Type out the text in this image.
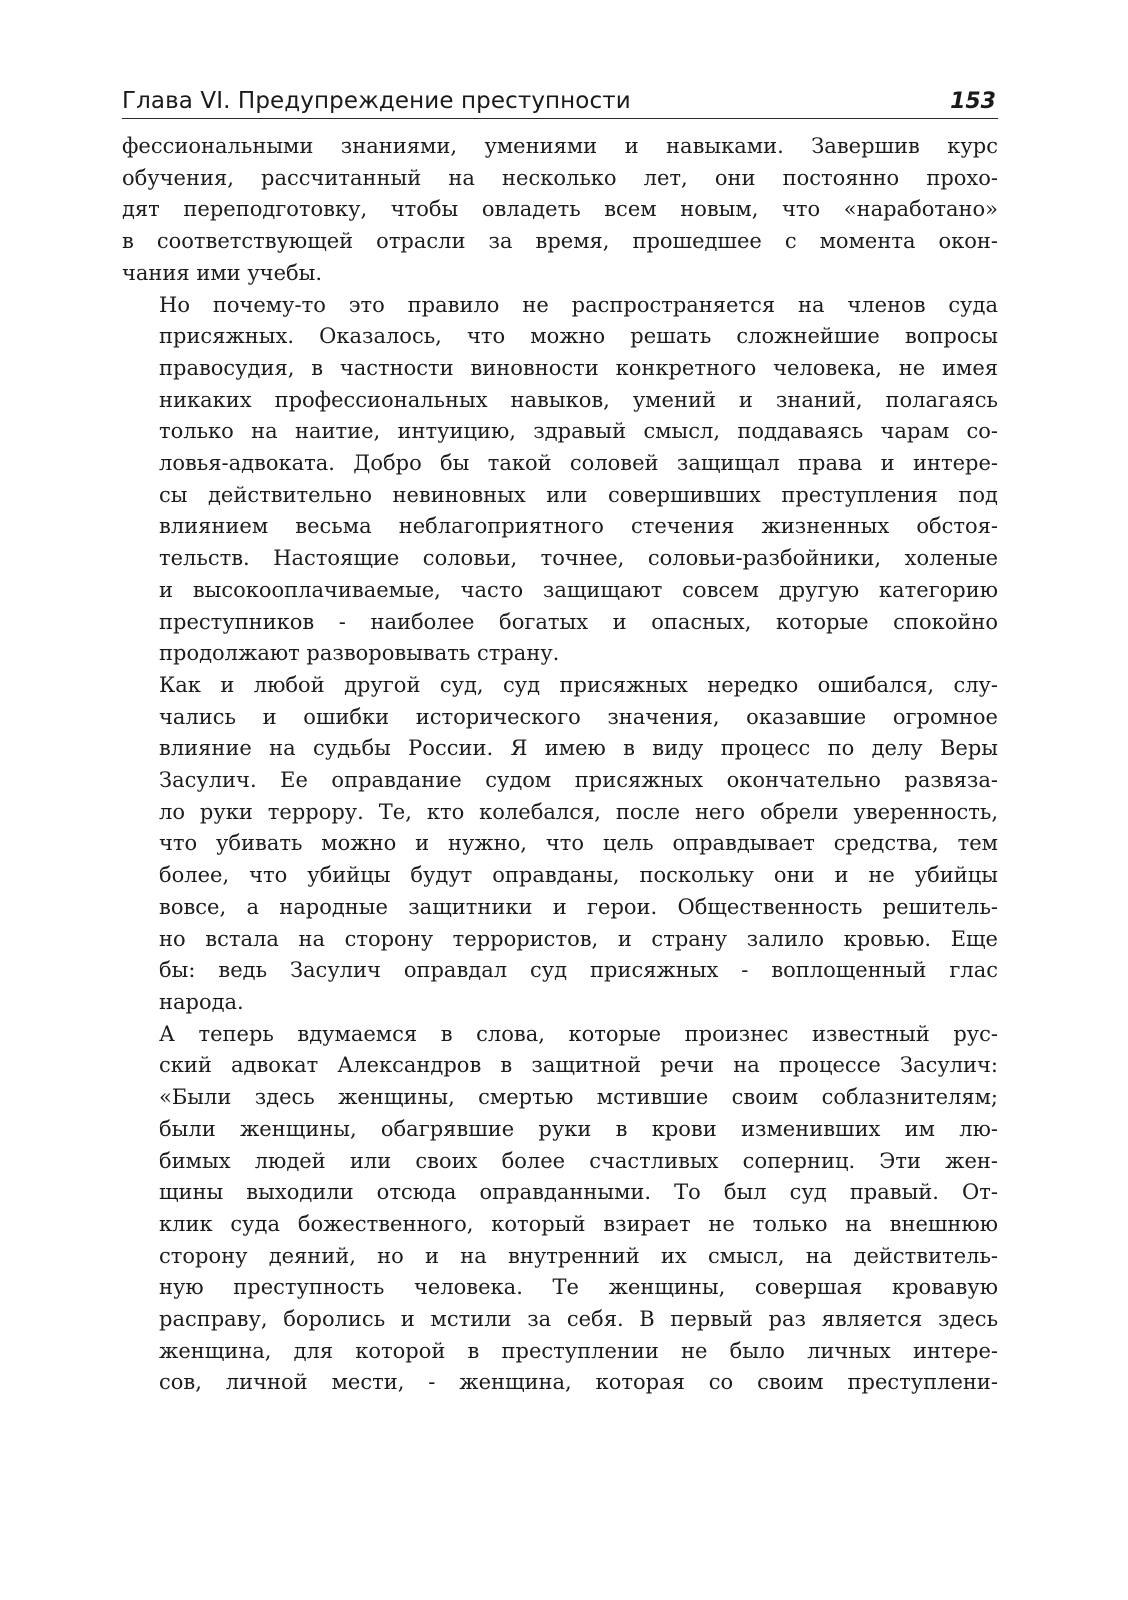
Глава VI. Предупреждение преступности	153

фессиональными знаниями, умениями и навыками. Завершив курс
обучения, рассчитанный на несколько лет, они постоянно прохо-
дят переподготовку, чтобы овладеть всем новым, что «наработано»
в соответствующей отрасли за время, прошедшее с момента окон-
чания ими учебы.

Но почему-то это правило не распространяется на членов суда
присяжных. Оказалось, что можно решать сложнейшие вопросы
правосудия, в частности виновности конкретного человека, не имея
никаких профессиональных навыков, умений и знаний, полагаясь
только на наитие, интуицию, здравый смысл, поддаваясь чарам со-
ловья-адвоката. Добро бы такой соловей защищал права и интере-
сы действительно невиновных или совершивших преступления под
влиянием весьма неблагоприятного стечения жизненных обстоя-
тельств. Настоящие соловьи, точнее, соловьи-разбойники, холеные
и высокооплачиваемые, часто защищают совсем другую категорию
преступников - наиболее богатых и опасных, которые спокойно
продолжают разворовывать страну.

Как и любой другой суд, суд присяжных нередко ошибался, слу-
чались и ошибки исторического значения, оказавшие огромное
влияние на судьбы России. Я имею в виду процесс по делу Веры
Засулич. Ее оправдание судом присяжных окончательно развяза-
ло руки террору. Те, кто колебался, после него обрели уверенность,
что убивать можно и нужно, что цель оправдывает средства, тем
более, что убийцы будут оправданы, поскольку они и не убийцы
вовсе, а народные защитники и герои. Общественность решитель-
но встала на сторону террористов, и страну залило кровью. Еще
бы: ведь Засулич оправдал суд присяжных - воплощенный глас
народа.

А теперь вдумаемся в слова, которые произнес известный рус-
ский адвокат Александров в защитной речи на процессе Засулич:
«Были здесь женщины, смертью мстившие своим соблазнителям;
были женщины, обагрявшие руки в крови изменивших им лю-
бимых людей или своих более счастливых соперниц. Эти жен-
щины выходили отсюда оправданными. То был суд правый. От-
клик суда божественного, который взирает не только на внешнюю
сторону деяний, но и на внутренний их смысл, на действитель-
ную преступность человека. Те женщины, совершая кровавую
расправу, боролись и мстили за себя. В первый раз является здесь
женщина, для которой в преступлении не было личных интере-
сов, личной мести, - женщина, которая со своим преступлени-
